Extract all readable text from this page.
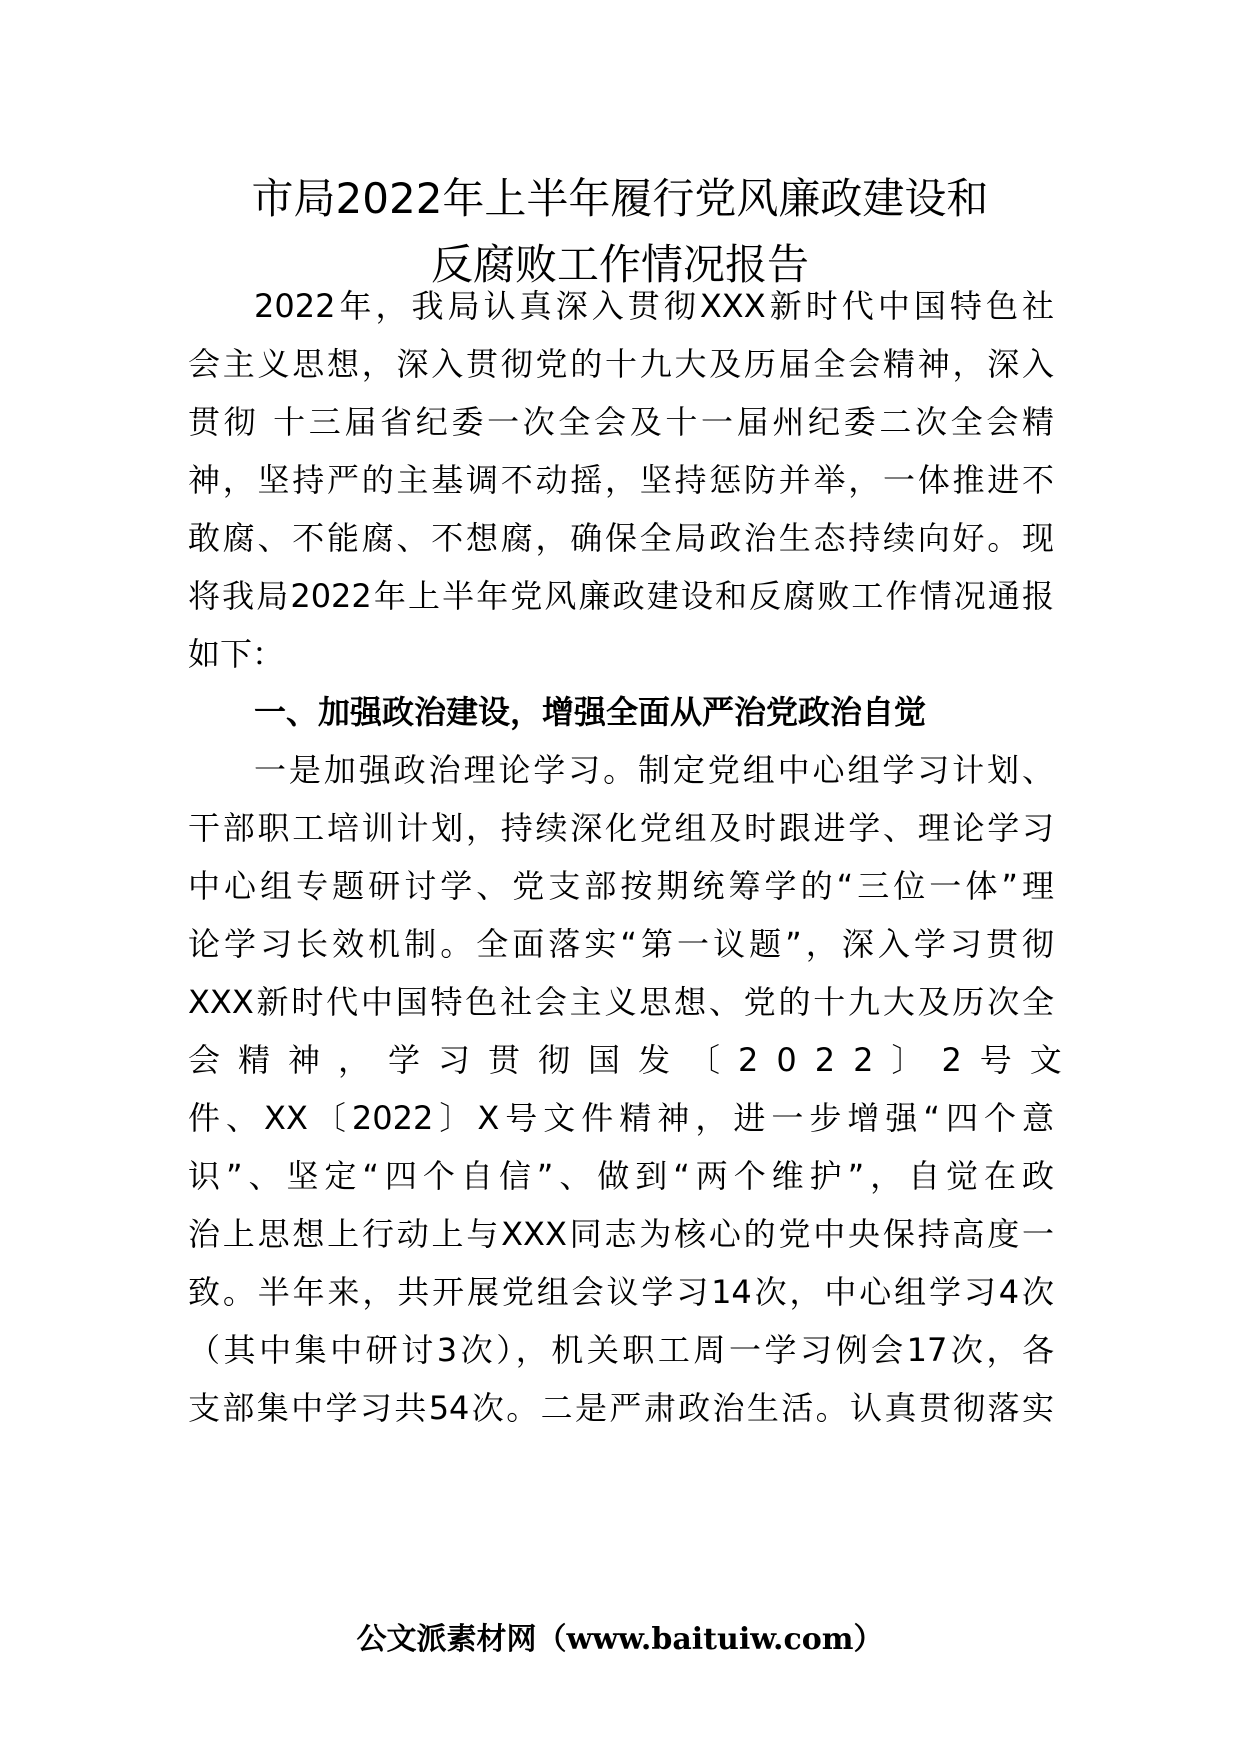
市局2022年上半年履行党风廉政建设和
反腐败工作情况报告
2022年，我局认真深入贯彻XXX新时代中国特色社
会主义思想，深入贯彻党的十九大及历届全会精神，深入
贯彻 十三届省纪委一次全会及十一届州纪委二次全会精
神，坚持严的主基调不动摇，坚持惩防并举，一体推进不
敢腐、不能腐、不想腐，确保全局政治生态持续向好。现
将我局2022年上半年党风廉政建设和反腐败工作情况通报
如下：
一、加强政治建设，增强全面从严治党政治自觉
一是加强政治理论学习。制定党组中心组学习计划、
干部职工培训计划，持续深化党组及时跟进学、理论学习
中心组专题研讨学、党支部按期统筹学的“三位一体”理
论学习长效机制。全面落实“第一议题”，深入学习贯彻
XXX新时代中国特色社会主义思想、党的十九大及历次全
会精神，学习贯彻国发〔2022〕2号文
件、XX〔2022〕X号文件精神，进一步增强“四个意
识”、坚定“四个自信”、做到“两个维护”，自觉在政
治上思想上行动上与XXX同志为核心的党中央保持高度一
致。半年来，共开展党组会议学习14次，中心组学习4次
（其中集中研讨3次），机关职工周一学习例会17次，各
支部集中学习共54次。二是严肃政治生活。认真贯彻落实
公文派素材网（www.baituiw.com）
